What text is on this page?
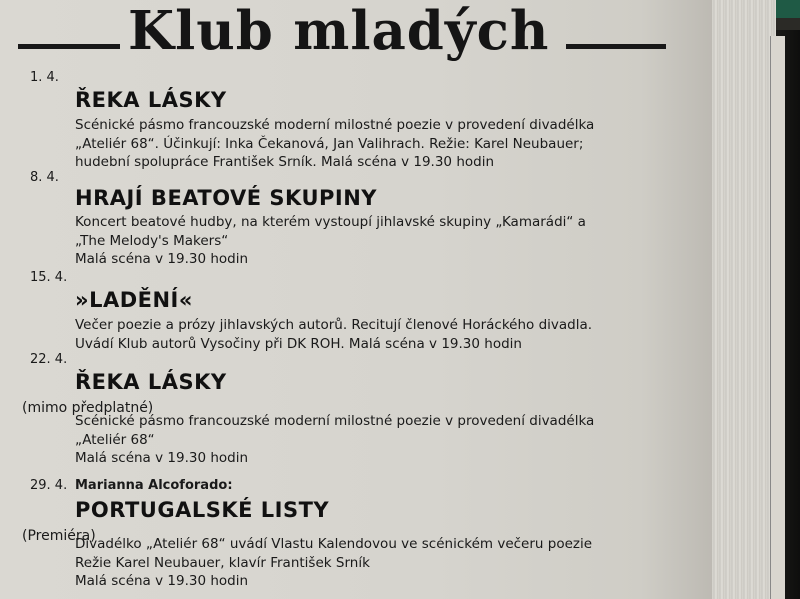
Klub mladých
1. 4.
ŘEKA LÁSKY
Scénické pásmo francouzské moderní milostné poezie v provedení divadélka
„Ateliér 68“. Účinkují: Inka Čekanová, Jan Valihrach. Režie: Karel Neubauer;
hudební spolupráce František Srník. Malá scéna v 19.30 hodin
8. 4.
HRAJÍ BEATOVÉ SKUPINY
Koncert beatové hudby, na kterém vystoupí jihlavské skupiny „Kamarádi“ a
„The Melody's Makers“
Malá scéna v 19.30 hodin
15. 4.
»LADĚNÍ«
Večer poezie a prózy jihlavských autorů. Recitují členové Horáckého divadla.
Uvádí Klub autorů Vysočiny při DK ROH. Malá scéna v 19.30 hodin
22. 4.
ŘEKA LÁSKY
(mimo předplatné)
Scénické pásmo francouzské moderní milostné poezie v provedení divadélka
„Ateliér 68“
Malá scéna v 19.30 hodin
29. 4. Marianna Alcoforado:
PORTUGALSKÉ LISTY
(Premiéra)
Divadélko „Ateliér 68“ uvádí Vlastu Kalendovou ve scénickém večeru poezie
Režie Karel Neubauer, klavír František Srník
Malá scéna v 19.30 hodin
